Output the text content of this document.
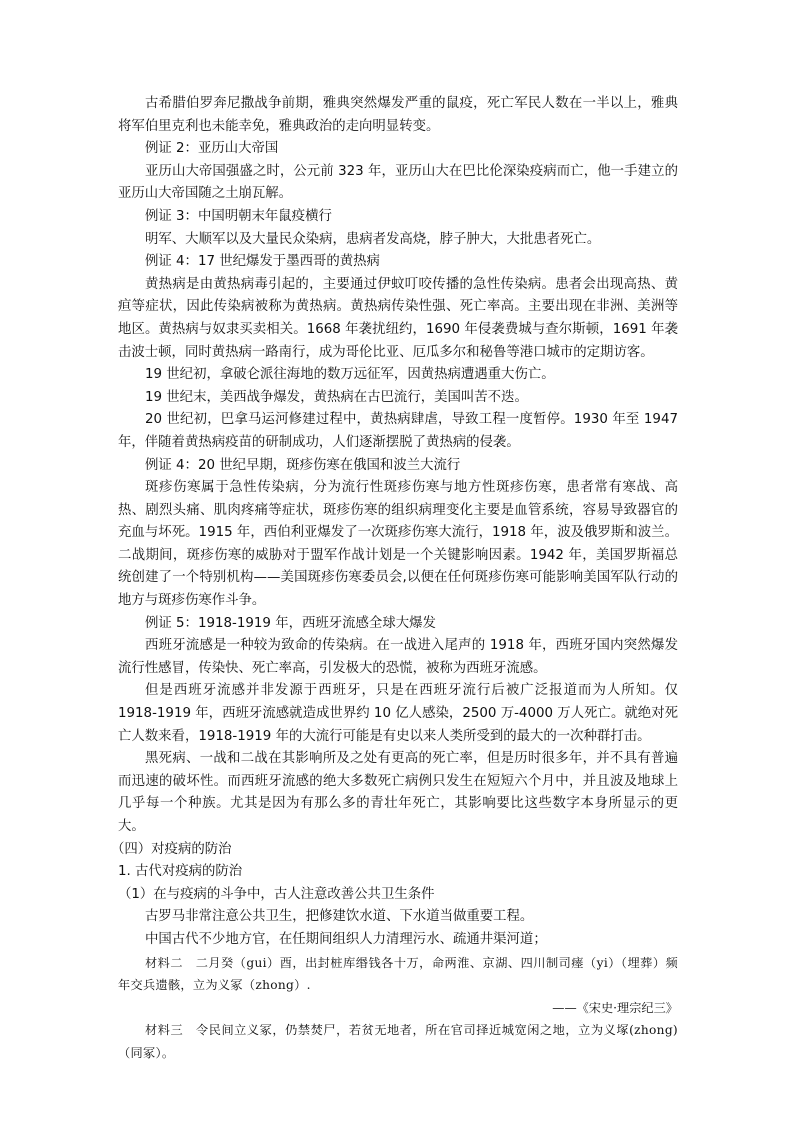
古希腊伯罗奔尼撒战争前期，雅典突然爆发严重的鼠疫，死亡军民人数在一半以上，雅典将军伯里克利也未能幸免，雅典政治的走向明显转变。

例证 2：亚历山大帝国

亚历山大帝国强盛之时，公元前 323 年，亚历山大在巴比伦深染疫病而亡，他一手建立的亚历山大帝国随之土崩瓦解。

例证 3：中国明朝末年鼠疫横行

明军、大顺军以及大量民众染病，患病者发高烧，脖子肿大，大批患者死亡。

例证 4：17 世纪爆发于墨西哥的黄热病

黄热病是由黄热病毒引起的，主要通过伊蚊叮咬传播的急性传染病。患者会出现高热、黄疸等症状，因此传染病被称为黄热病。黄热病传染性强、死亡率高。主要出现在非洲、美洲等地区。黄热病与奴隶买卖相关。1668 年袭扰纽约，1690 年侵袭费城与查尔斯顿，1691 年袭击波士顿，同时黄热病一路南行，成为哥伦比亚、厄瓜多尔和秘鲁等港口城市的定期访客。

19 世纪初，拿破仑派往海地的数万远征军，因黄热病遭遇重大伤亡。

19 世纪末，美西战争爆发，黄热病在古巴流行，美国叫苦不迭。

20 世纪初，巴拿马运河修建过程中，黄热病肆虐，导致工程一度暂停。1930 年至 1947 年，伴随着黄热病疫苗的研制成功，人们逐渐摆脱了黄热病的侵袭。

例证 4：20 世纪早期，斑疹伤寒在俄国和波兰大流行

斑疹伤寒属于急性传染病，分为流行性斑疹伤寒与地方性斑疹伤寒，患者常有寒战、高热、剧烈头痛、肌肉疼痛等症状，斑疹伤寒的组织病理变化主要是血管系统，容易导致器官的充血与坏死。1915 年，西伯利亚爆发了一次斑疹伤寒大流行，1918 年，波及俄罗斯和波兰。二战期间，斑疹伤寒的威胁对于盟军作战计划是一个关键影响因素。1942 年，美国罗斯福总统创建了一个特别机构——美国斑疹伤寒委员会,以便在任何斑疹伤寒可能影响美国军队行动的地方与斑疹伤寒作斗争。

例证 5：1918-1919 年，西班牙流感全球大爆发

西班牙流感是一种较为致命的传染病。在一战进入尾声的 1918 年，西班牙国内突然爆发流行性感冒，传染快、死亡率高，引发极大的恐慌，被称为西班牙流感。

但是西班牙流感并非发源于西班牙，只是在西班牙流行后被广泛报道而为人所知。仅 1918-1919 年，西班牙流感就造成世界约 10 亿人感染，2500 万-4000 万人死亡。就绝对死亡人数来看，1918-1919 年的大流行可能是有史以来人类所受到的最大的一次种群打击。

黑死病、一战和二战在其影响所及之处有更高的死亡率，但是历时很多年，并不具有普遍而迅速的破坏性。而西班牙流感的绝大多数死亡病例只发生在短短六个月中，并且波及地球上几乎每一个种族。尤其是因为有那么多的青壮年死亡，其影响要比这些数字本身所显示的更大。

（四）对疫病的防治

1. 古代对疫病的防治

（1）在与疫病的斗争中，古人注意改善公共卫生条件

古罗马非常注意公共卫生，把修建饮水道、下水道当做重要工程。

中国古代不少地方官，在任期间组织人力清理污水、疏通井渠河道；

材料二　二月癸（gui）酉，出封桩库缗钱各十万，命两淮、京湖、四川制司瘗（yi）（埋葬）频年交兵遗骸，立为义冢（zhong）.

——《宋史·理宗纪三》

材料三　令民间立义冢，仍禁焚尸，若贫无地者，所在官司择近城宽闲之地，立为义塚(zhong)（同冢）。
